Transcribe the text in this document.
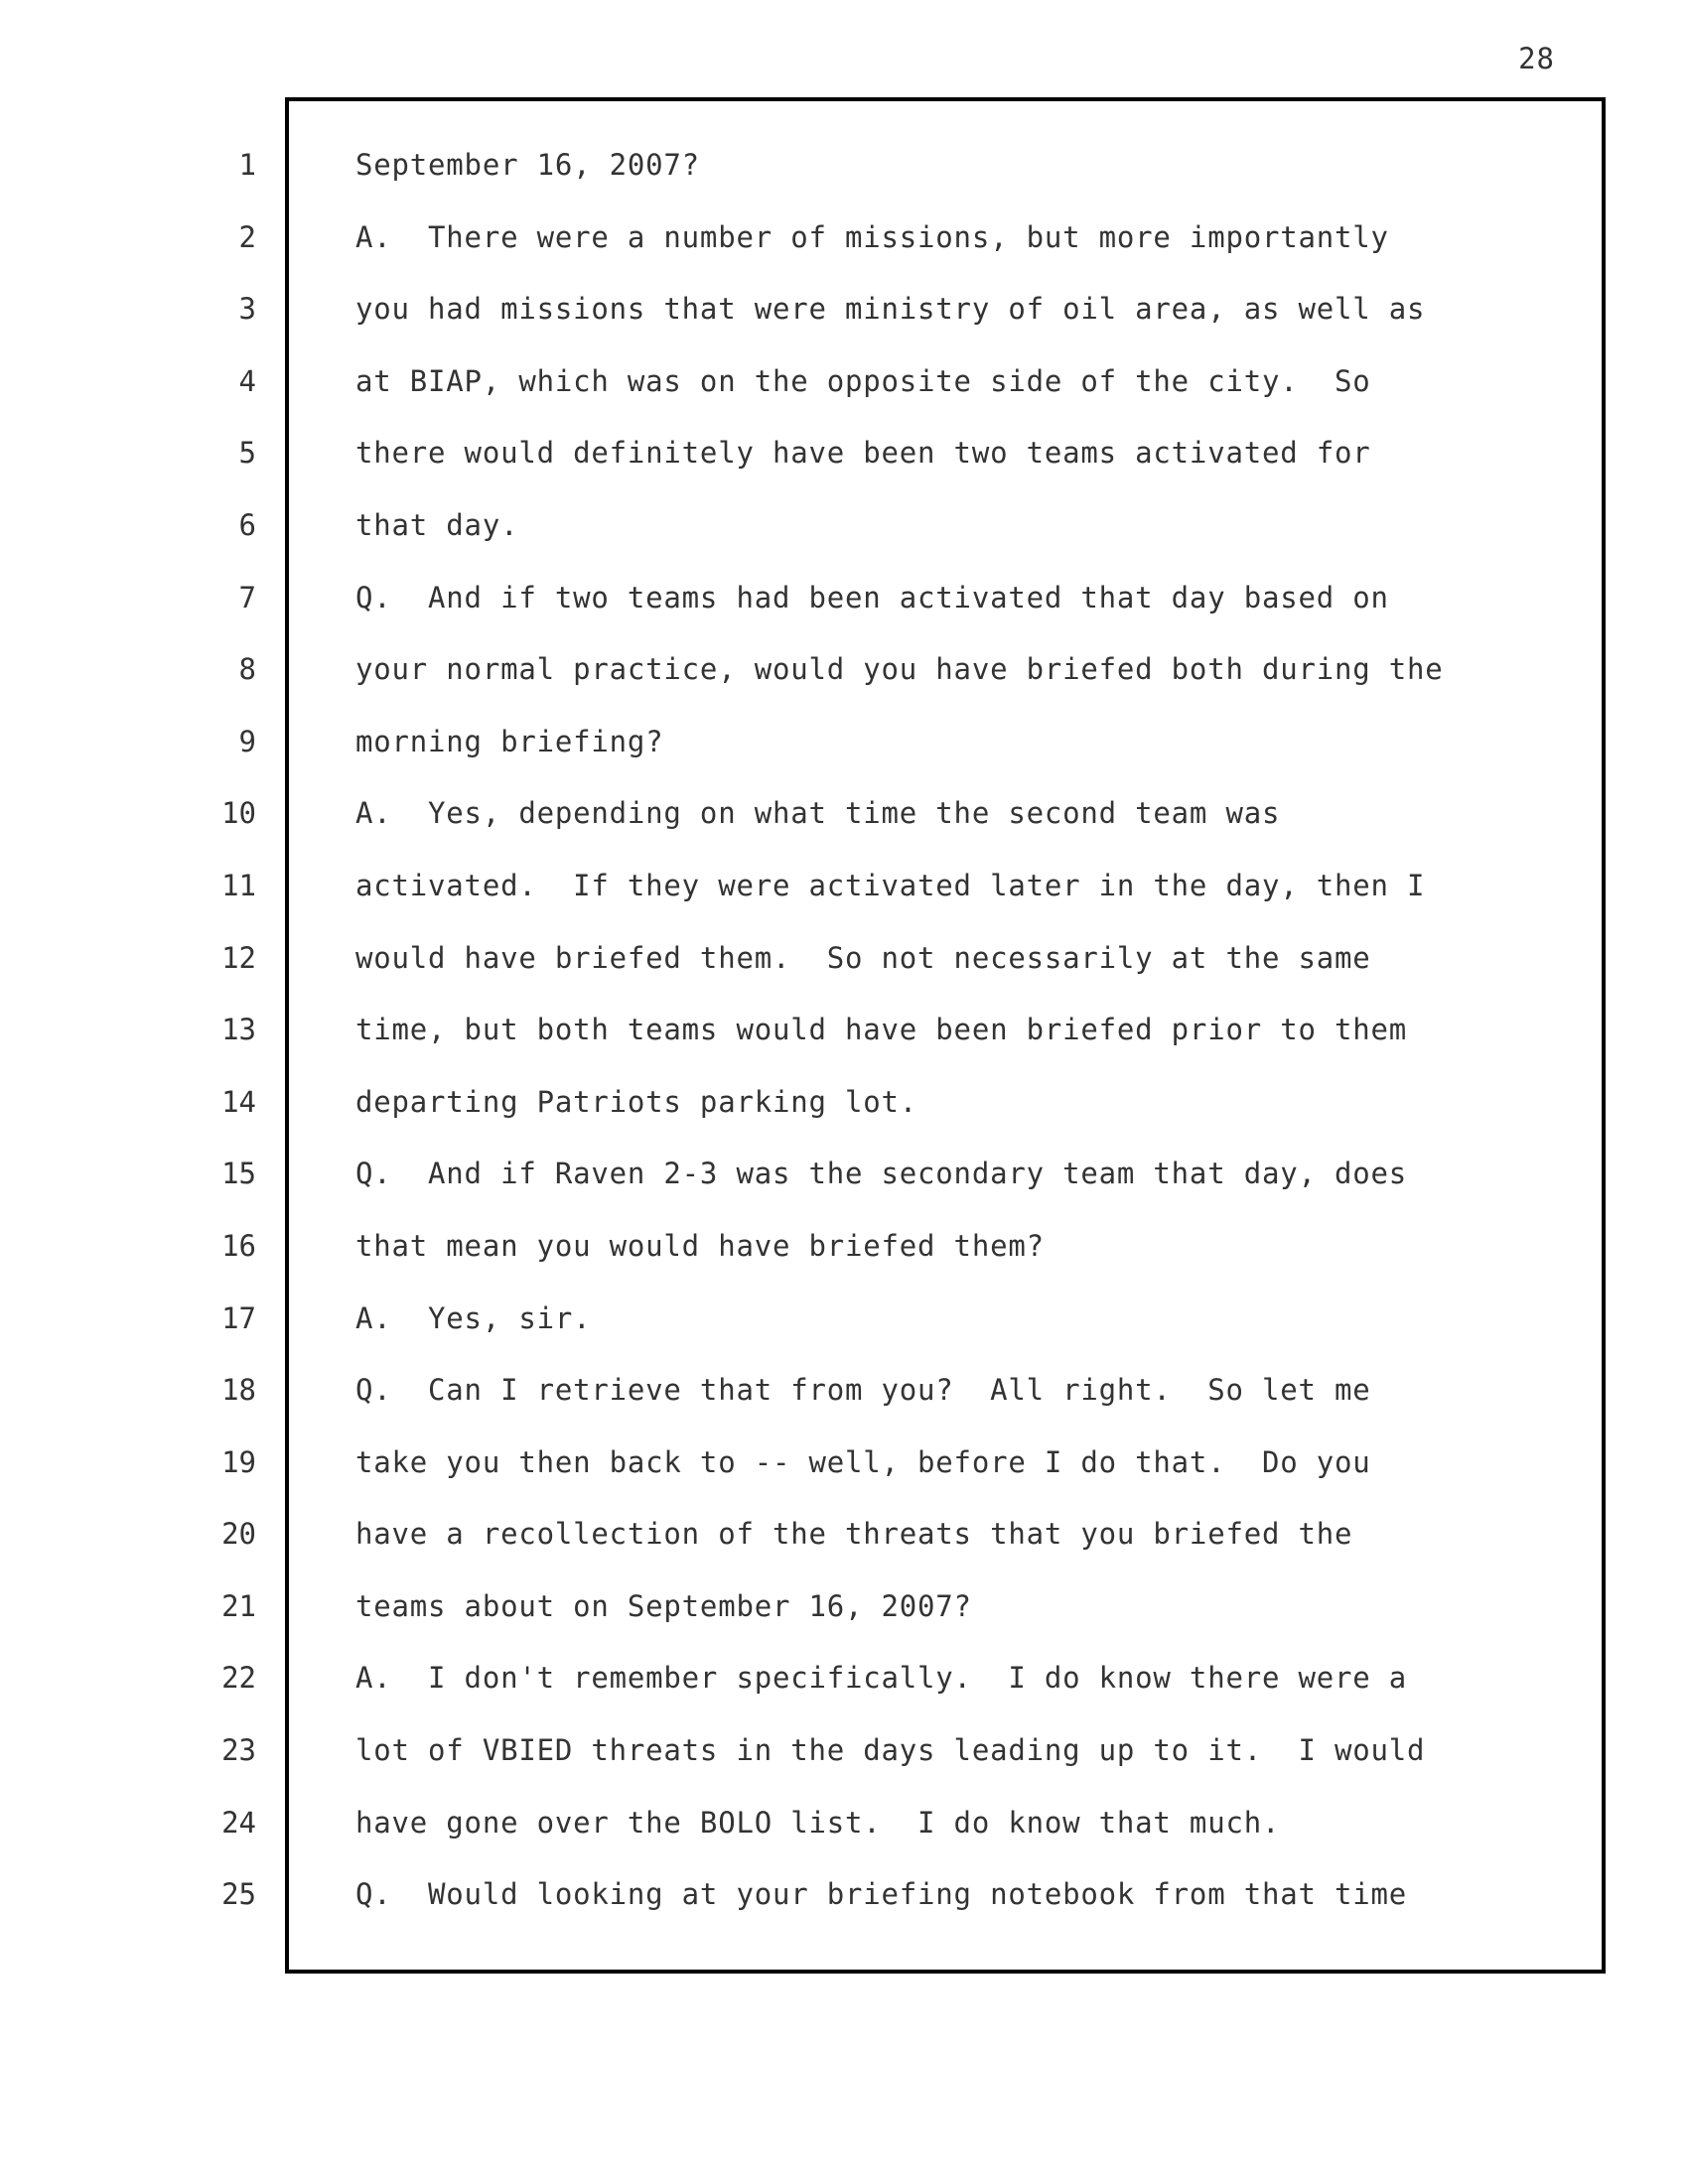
28
1	September 16, 2007?
2	A.  There were a number of missions, but more importantly
3	you had missions that were ministry of oil area, as well as
4	at BIAP, which was on the opposite side of the city.  So
5	there would definitely have been two teams activated for
6	that day.
7	Q.  And if two teams had been activated that day based on
8	your normal practice, would you have briefed both during the
9	morning briefing?
10	A.  Yes, depending on what time the second team was
11	activated.  If they were activated later in the day, then I
12	would have briefed them.  So not necessarily at the same
13	time, but both teams would have been briefed prior to them
14	departing Patriots parking lot.
15	Q.  And if Raven 2-3 was the secondary team that day, does
16	that mean you would have briefed them?
17	A.  Yes, sir.
18	Q.  Can I retrieve that from you?  All right.  So let me
19	take you then back to -- well, before I do that.  Do you
20	have a recollection of the threats that you briefed the
21	teams about on September 16, 2007?
22	A.  I don't remember specifically.  I do know there were a
23	lot of VBIED threats in the days leading up to it.  I would
24	have gone over the BOLO list.  I do know that much.
25	Q.  Would looking at your briefing notebook from that time
